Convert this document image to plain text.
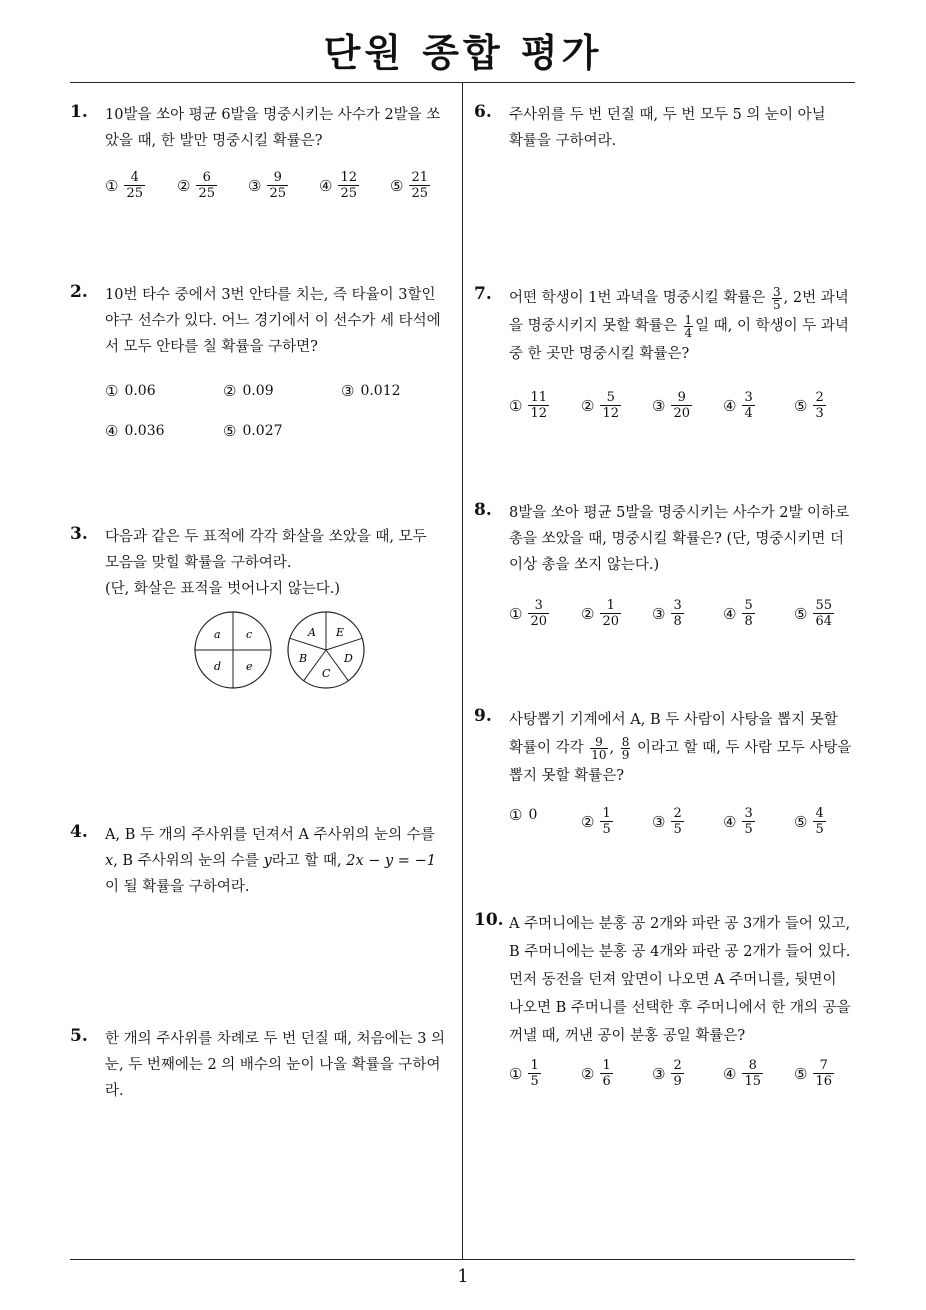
단원 종합 평가
1. 10발을 쏘아 평균 6발을 명중시키는 사수가 2발을 쏘
았을 때, 한 발만 명중시킬 확률은?
① $\frac{4}{25}$ ② $\frac{6}{25}$ ③ $\frac{9}{25}$ ④ $\frac{12}{25}$ ⑤ $\frac{21}{25}$
2. 10번 타수 중에서 3번 안타를 치는, 즉 타율이 3할인
야구 선수가 있다. 어느 경기에서 이 선수가 세 타석에
서 모두 안타를 칠 확률을 구하면?
① 0.06	② 0.09	③ 0.012
④ 0.036	⑤ 0.027
3. 다음과 같은 두 표적에 각각 화살을 쏘았을 때, 모두
모음을 맞힐 확률을 구하여라.
(단, 화살은 표적을 벗어나지 않는다.)
a c
d e
A E
D
C
B
4. A, B 두 개의 주사위를 던져서 A 주사위의 눈의 수를
x, B 주사위의 눈의 수를 y라고 할 때, 2x − y = −1
이 될 확률을 구하여라.
5. 한 개의 주사위를 차례로 두 번 던질 때, 처음에는 3 의
눈, 두 번째에는 2 의 배수의 눈이 나올 확률을 구하여
라.
6. 주사위를 두 번 던질 때, 두 번 모두 5 의 눈이 아닐
확률을 구하여라.
7. 어떤 학생이 1번 과녁을 명중시킬 확률은 $\frac{3}{5}$ , 2번 과녁
을 명중시키지 못할 확률은 $\frac{1}{4}$ 일 때, 이 학생이 두 과녁
중 한 곳만 명중시킬 확률은?
① $\frac{11}{12}$ ② $\frac{5}{12}$ ③ $\frac{9}{20}$ ④ $\frac{3}{4}$	⑤ $\frac{2}{3}$
8. 8발을 쏘아 평균 5발을 명중시키는 사수가 2발 이하로
총을 쏘았을 때, 명중시킬 확률은? (단, 명중시키면 더
이상 총을 쏘지 않는다.)
① $\frac{3}{20}$ ② $\frac{1}{20}$ ③ $\frac{3}{8}$	④ $\frac{5}{8}$	⑤ $\frac{55}{64}$
9. 사탕뽑기 기계에서 A, B 두 사람이 사탕을 뽑지 못할
확률이 각각 $\frac{9}{10}$ , $\frac{8}{9}$ 이라고 할 때, 두 사람 모두 사탕을
뽑지 못할 확률은?
① 0	② $\frac{1}{5}$	③ $\frac{2}{5}$	④ $\frac{3}{5}$	⑤ $\frac{4}{5}$
10. A 주머니에는 분홍 공 2개와 파란 공 3개가 들어 있고,
B 주머니에는 분홍 공 4개와 파란 공 2개가 들어 있다.
먼저 동전을 던져 앞면이 나오면 A 주머니를, 뒷면이
나오면 B 주머니를 선택한 후 주머니에서 한 개의 공을
꺼낼 때, 꺼낸 공이 분홍 공일 확률은?
① $\frac{1}{5}$	② $\frac{1}{6}$	③ $\frac{2}{9}$	④ $\frac{8}{15}$ ⑤ $\frac{7}{16}$
1
